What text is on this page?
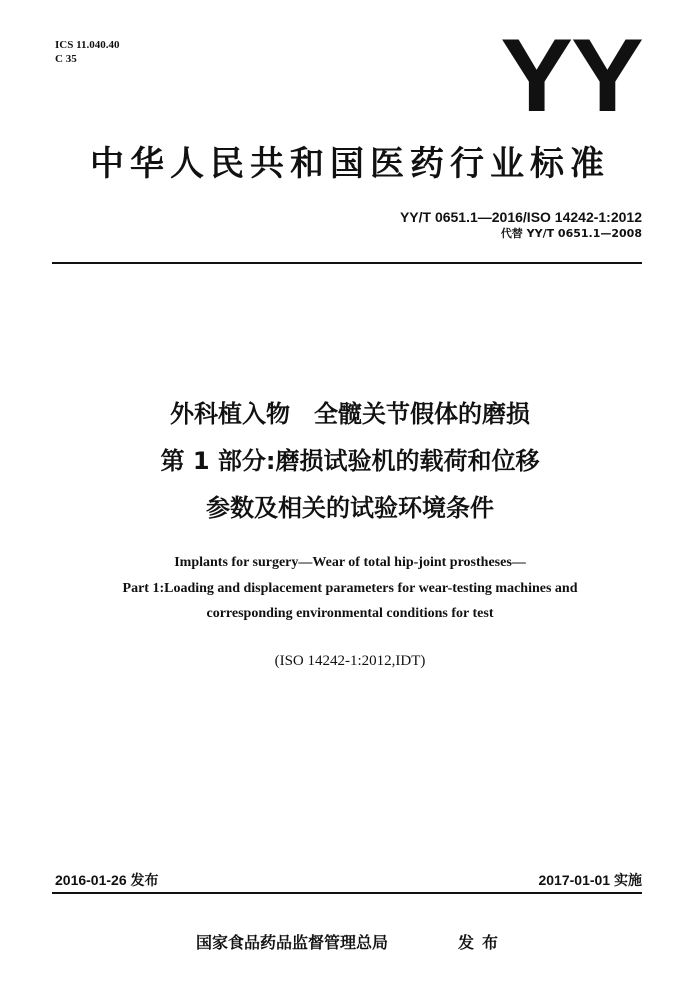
ICS 11.040.40
C 35	YY
中华人民共和国医药行业标准
YY/T 0651.1—2016/ISO 14242-1:2012
代替 YY/T 0651.1—2008
外科植入物　全髋关节假体的磨损
第 1 部分:磨损试验机的载荷和位移
参数及相关的试验环境条件
Implants for surgery—Wear of total hip-joint prostheses—
Part 1:Loading and displacement parameters for wear-testing machines and
corresponding environmental conditions for test
(ISO 14242-1:2012,IDT)
2016-01-26 发布	2017-01-01 实施
国家食品药品监督管理总局	发布
